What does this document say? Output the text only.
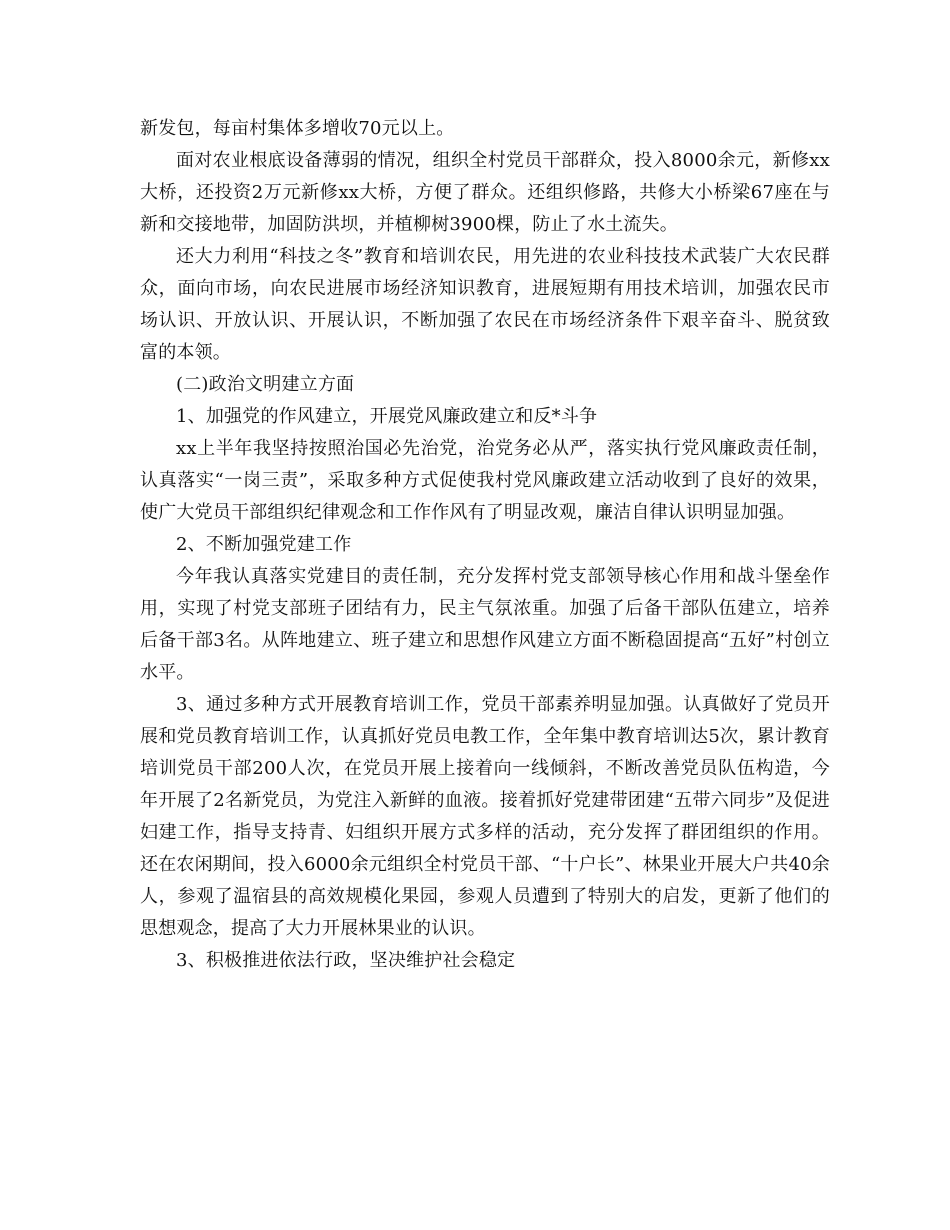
新发包，每亩村集体多增收70元以上。

面对农业根底设备薄弱的情况，组织全村党员干部群众，投入8000余元，新修xx大桥，还投资2万元新修xx大桥，方便了群众。还组织修路，共修大小桥梁67座在与新和交接地带，加固防洪坝，并植柳树3900棵，防止了水土流失。

还大力利用“科技之冬”教育和培训农民，用先进的农业科技技术武装广大农民群众，面向市场，向农民进展市场经济知识教育，进展短期有用技术培训，加强农民市场认识、开放认识、开展认识，不断加强了农民在市场经济条件下艰辛奋斗、脱贫致富的本领。

(二)政治文明建立方面

1、加强党的作风建立，开展党风廉政建立和反*斗争

xx上半年我坚持按照治国必先治党，治党务必从严，落实执行党风廉政责任制，认真落实“一岗三责”，采取多种方式促使我村党风廉政建立活动收到了良好的效果，使广大党员干部组织纪律观念和工作作风有了明显改观，廉洁自律认识明显加强。

2、不断加强党建工作

今年我认真落实党建目的责任制，充分发挥村党支部领导核心作用和战斗堡垒作用，实现了村党支部班子团结有力，民主气氛浓重。加强了后备干部队伍建立，培养后备干部3名。从阵地建立、班子建立和思想作风建立方面不断稳固提高“五好”村创立水平。

3、通过多种方式开展教育培训工作，党员干部素养明显加强。认真做好了党员开展和党员教育培训工作，认真抓好党员电教工作，全年集中教育培训达5次，累计教育培训党员干部200人次，在党员开展上接着向一线倾斜，不断改善党员队伍构造，今年开展了2名新党员，为党注入新鲜的血液。接着抓好党建带团建“五带六同步”及促进妇建工作，指导支持青、妇组织开展方式多样的活动，充分发挥了群团组织的作用。还在农闲期间，投入6000余元组织全村党员干部、“十户长”、林果业开展大户共40余人，参观了温宿县的高效规模化果园，参观人员遭到了特别大的启发，更新了他们的思想观念，提高了大力开展林果业的认识。

3、积极推进依法行政，坚决维护社会稳定
